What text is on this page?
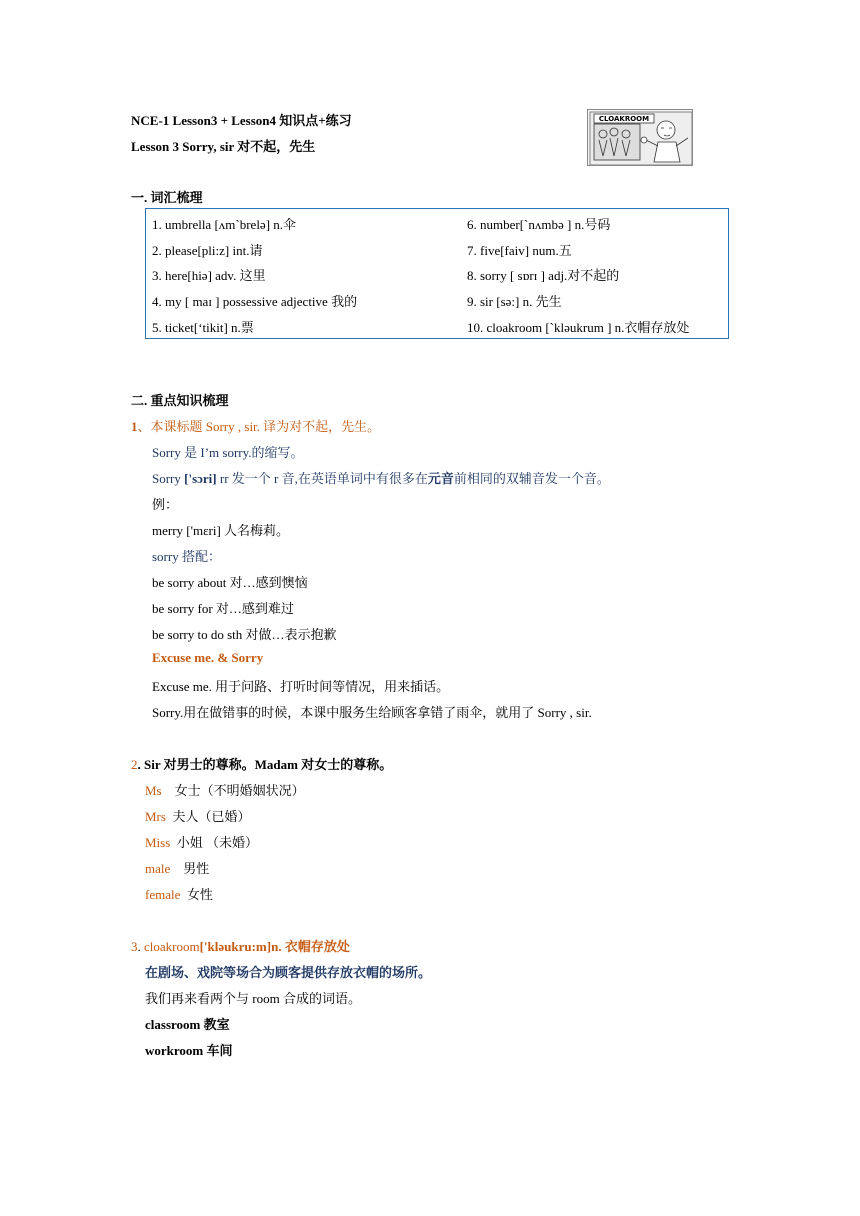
NCE-1 Lesson3 + Lesson4 知识点+练习
Lesson 3 Sorry, sir 对不起，先生
CLOAKROOM
一. 词汇梳理
1. umbrella [ʌm`brelə] n.伞
2. please[pli:z] int.请
3. here[hiə] adv. 这里
4. my [ maɪ ] possessive adjective 我的
5. ticket[‘tikit] n.票
6. number[`nʌmbə ] n.号码
7. five[faiv] num.五
8. sorry [ sɒrɪ ] adj.对不起的
9. sir [sə:] n. 先生
10. cloakroom [`kləukrum ] n.衣帽存放处
二. 重点知识梳理
1、本课标题 Sorry , sir. 译为对不起，先生。
Sorry 是 I’m sorry.的缩写。
Sorry ['sɔri] rr 发一个 r 音,在英语单词中有很多在元音前相同的双辅音发一个音。
例：
merry ['mɛri] 人名梅莉。
sorry 搭配：
be sorry about 对…感到懊恼
be sorry for 对…感到难过
be sorry to do sth 对做…表示抱歉
Excuse me. & Sorry
Excuse me. 用于问路、打听时间等情况，用来插话。
Sorry.用在做错事的时候，本课中服务生给顾客拿错了雨伞，就用了 Sorry , sir.
2. Sir 对男士的尊称。Madam 对女士的尊称。
Ms 女士（不明婚姻状况）
Mrs 夫人（已婚）
Miss 小姐 （未婚）
male 男性
female 女性
3. cloakroom['kləukru:m]n. 衣帽存放处
在剧场、戏院等场合为顾客提供存放衣帽的场所。
我们再来看两个与 room 合成的词语。
classroom 教室
workroom 车间
